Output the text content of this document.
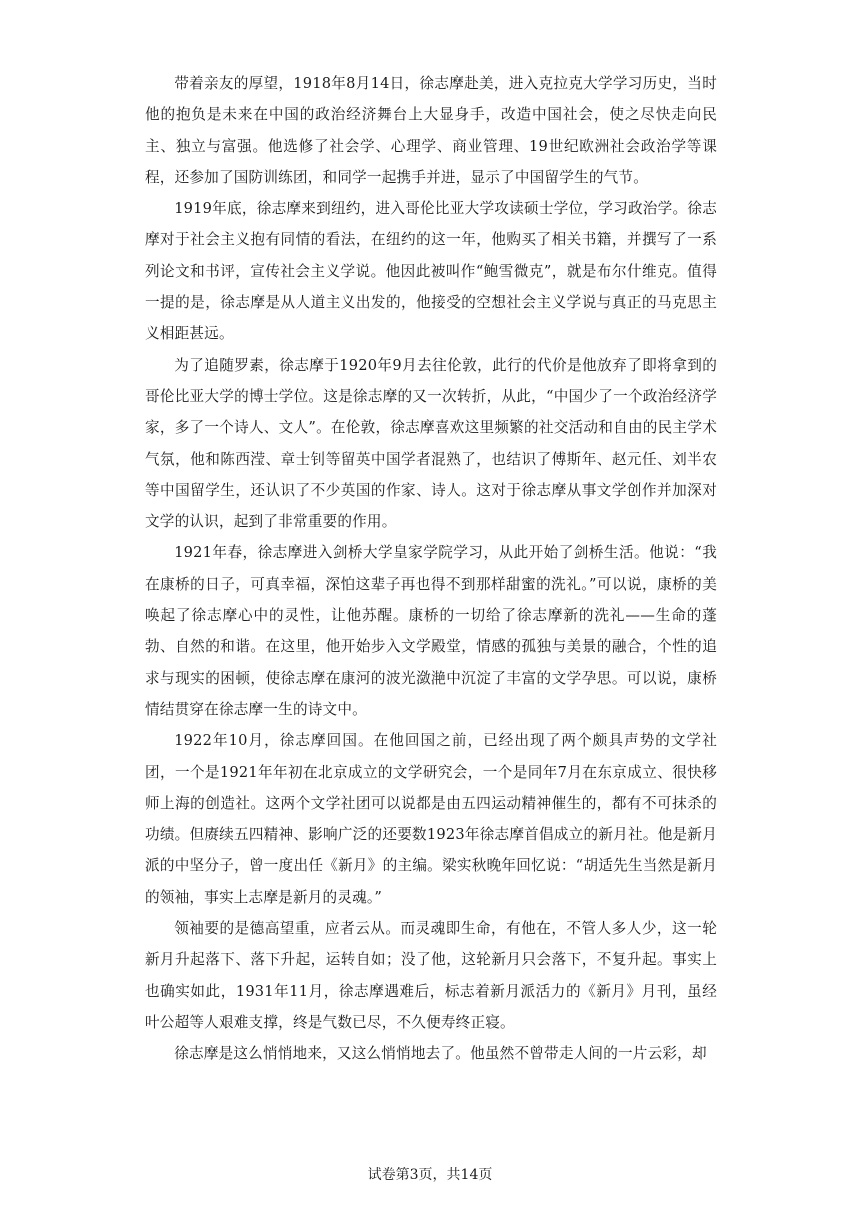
带着亲友的厚望，1918年8月14日，徐志摩赴美，进入克拉克大学学习历史，当时他的抱负是未来在中国的政治经济舞台上大显身手，改造中国社会，使之尽快走向民主、独立与富强。他选修了社会学、心理学、商业管理、19世纪欧洲社会政治学等课程，还参加了国防训练团，和同学一起携手并进，显示了中国留学生的气节。

1919年底，徐志摩来到纽约，进入哥伦比亚大学攻读硕士学位，学习政治学。徐志摩对于社会主义抱有同情的看法，在纽约的这一年，他购买了相关书籍，并撰写了一系列论文和书评，宣传社会主义学说。他因此被叫作“鲍雪微克”，就是布尔什维克。值得一提的是，徐志摩是从人道主义出发的，他接受的空想社会主义学说与真正的马克思主义相距甚远。

为了追随罗素，徐志摩于1920年9月去往伦敦，此行的代价是他放弃了即将拿到的哥伦比亚大学的博士学位。这是徐志摩的又一次转折，从此，“中国少了一个政治经济学家，多了一个诗人、文人”。在伦敦，徐志摩喜欢这里频繁的社交活动和自由的民主学术气氛，他和陈西滢、章士钊等留英中国学者混熟了，也结识了傅斯年、赵元任、刘半农等中国留学生，还认识了不少英国的作家、诗人。这对于徐志摩从事文学创作并加深对文学的认识，起到了非常重要的作用。

1921年春，徐志摩进入剑桥大学皇家学院学习，从此开始了剑桥生活。他说：“我在康桥的日子，可真幸福，深怕这辈子再也得不到那样甜蜜的洗礼。”可以说，康桥的美唤起了徐志摩心中的灵性，让他苏醒。康桥的一切给了徐志摩新的洗礼——生命的蓬勃、自然的和谐。在这里，他开始步入文学殿堂，情感的孤独与美景的融合，个性的追求与现实的困顿，使徐志摩在康河的波光潋滟中沉淀了丰富的文学孕思。可以说，康桥情结贯穿在徐志摩一生的诗文中。

1922年10月，徐志摩回国。在他回国之前，已经出现了两个颇具声势的文学社团，一个是1921年年初在北京成立的文学研究会，一个是同年7月在东京成立、很快移师上海的创造社。这两个文学社团可以说都是由五四运动精神催生的，都有不可抹杀的功绩。但赓续五四精神、影响广泛的还要数1923年徐志摩首倡成立的新月社。他是新月派的中坚分子，曾一度出任《新月》的主编。梁实秋晚年回忆说：“胡适先生当然是新月的领袖，事实上志摩是新月的灵魂。”

领袖要的是德高望重，应者云从。而灵魂即生命，有他在，不管人多人少，这一轮新月升起落下、落下升起，运转自如；没了他，这轮新月只会落下，不复升起。事实上也确实如此，1931年11月，徐志摩遇难后，标志着新月派活力的《新月》月刊，虽经叶公超等人艰难支撑，终是气数已尽，不久便寿终正寝。

徐志摩是这么悄悄地来，又这么悄悄地去了。他虽然不曾带走人间的一片云彩，却

试卷第3页，共14页
